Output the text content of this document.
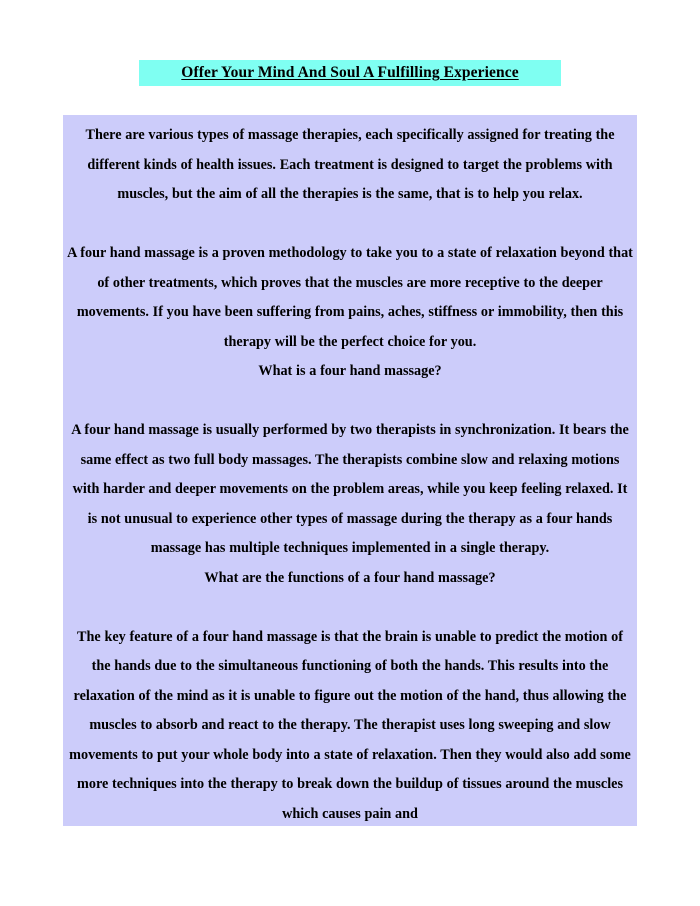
Offer Your Mind And Soul A Fulfilling Experience

There are various types of massage therapies, each specifically assigned for treating the different kinds of health issues. Each treatment is designed to target the problems with muscles, but the aim of all the therapies is the same, that is to help you relax.

A four hand massage is a proven methodology to take you to a state of relaxation beyond that of other treatments, which proves that the muscles are more receptive to the deeper movements. If you have been suffering from pains, aches, stiffness or immobility, then this therapy will be the perfect choice for you.

What is a four hand massage?

A four hand massage is usually performed by two therapists in synchronization. It bears the same effect as two full body massages. The therapists combine slow and relaxing motions with harder and deeper movements on the problem areas, while you keep feeling relaxed. It is not unusual to experience other types of massage during the therapy as a four hands massage has multiple techniques implemented in a single therapy.

What are the functions of a four hand massage?

The key feature of a four hand massage is that the brain is unable to predict the motion of the hands due to the simultaneous functioning of both the hands. This results into the relaxation of the mind as it is unable to figure out the motion of the hand, thus allowing the muscles to absorb and react to the therapy. The therapist uses long sweeping and slow movements to put your whole body into a state of relaxation. Then they would also add some more techniques into the therapy to break down the buildup of tissues around the muscles which causes pain and
